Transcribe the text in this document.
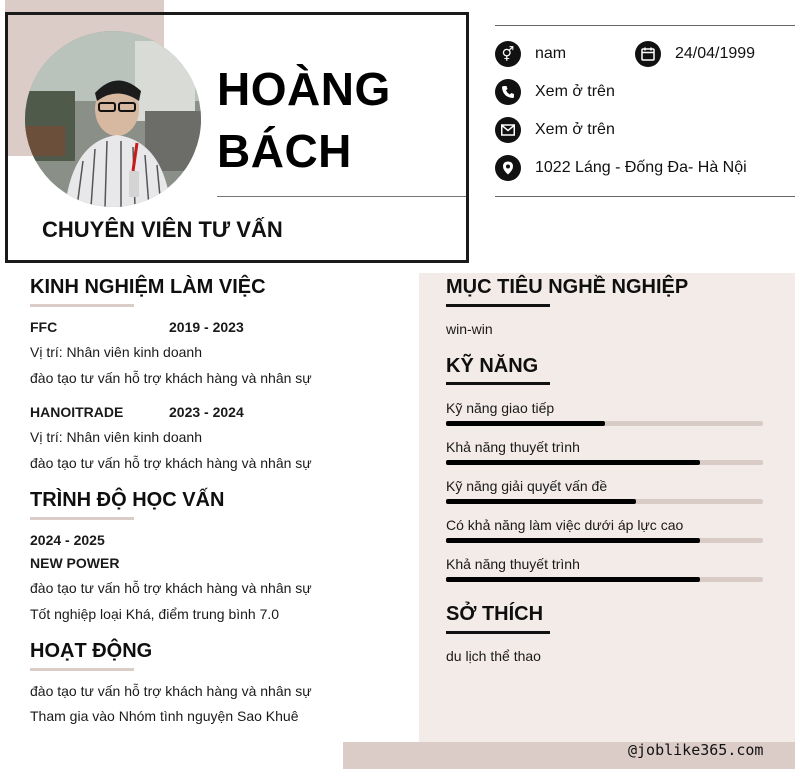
HOÀNG
BÁCH
CHUYÊN VIÊN TƯ VẤN
⚥	nam	24/04/1999
Xem ở trên
Xem ở trên
1022 Láng - Đống Đa- Hà Nội
KINH NGHIỆM LÀM VIỆC
FFC	2019 - 2023
Vị trí: Nhân viên kinh doanh
đào tạo tư vấn hỗ trợ khách hàng và nhân sự
HANOITRADE	2023 - 2024
Vị trí: Nhân viên kinh doanh
đào tạo tư vấn hỗ trợ khách hàng và nhân sự
TRÌNH ĐỘ HỌC VẤN
2024 - 2025
NEW POWER
đào tạo tư vấn hỗ trợ khách hàng và nhân sự
Tốt nghiệp loại Khá, điểm trung bình 7.0
HOẠT ĐỘNG
đào tạo tư vấn hỗ trợ khách hàng và nhân sự
Tham gia vào Nhóm tình nguyện Sao Khuê
MỤC TIÊU NGHỀ NGHIỆP
win-win
KỸ NĂNG
Kỹ năng giao tiếp
Khả năng thuyết trình
Kỹ năng giải quyết vấn đề
Có khả năng làm việc dưới áp lực cao
Khả năng thuyết trình
SỞ THÍCH
du lịch thể thao
@joblike365.com
